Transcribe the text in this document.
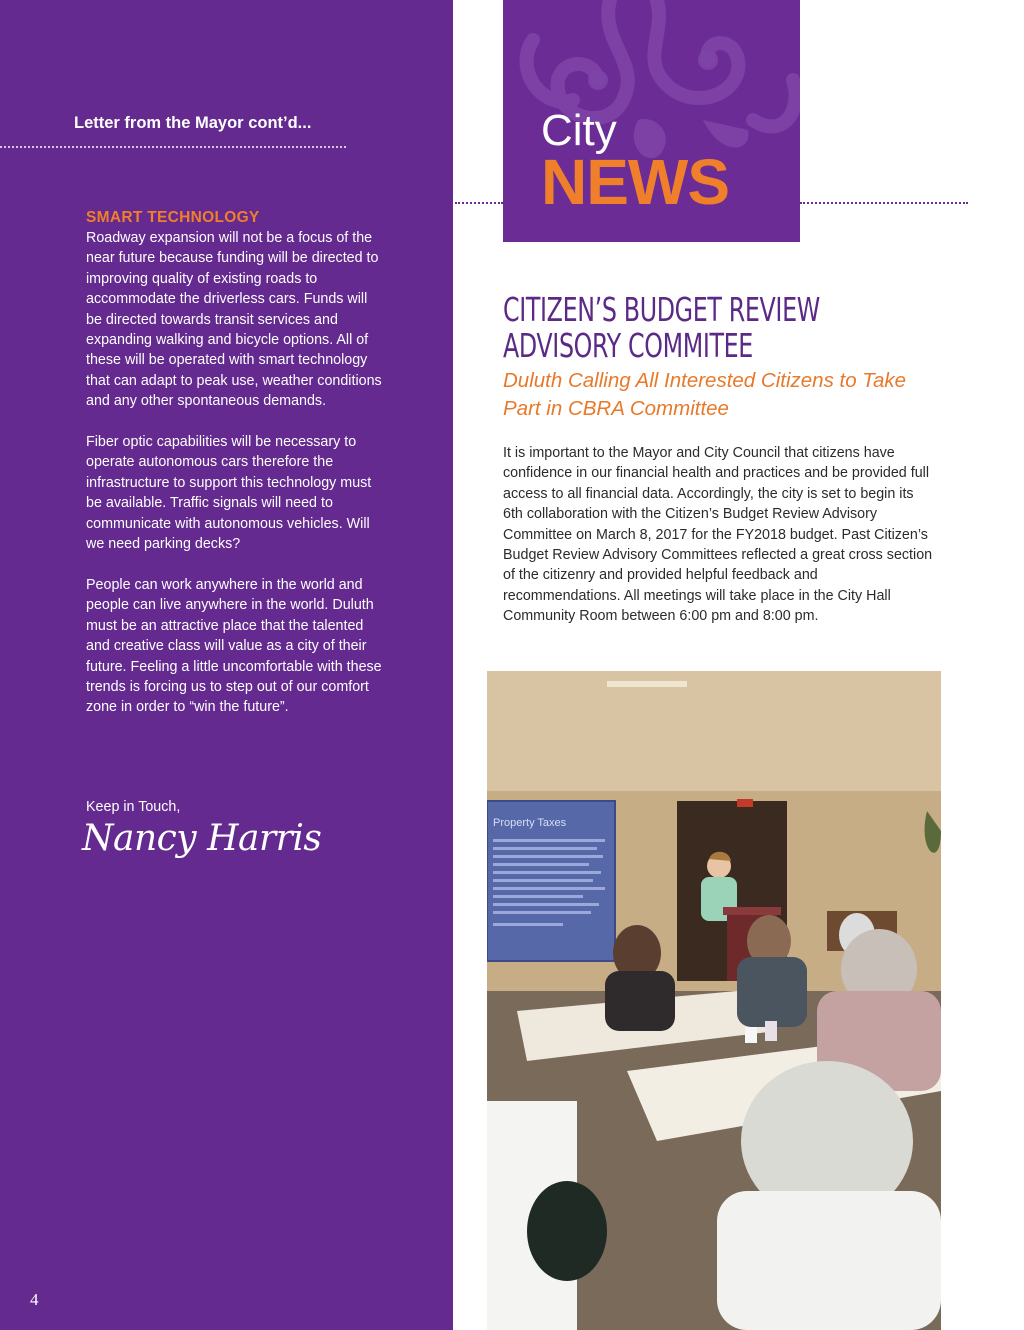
Letter from the Mayor cont’d...
SMART TECHNOLOGY

Roadway expansion will not be a focus of the near future because funding will be directed to improving quality of existing roads to accommodate the driverless cars. Funds will be directed towards transit services and expanding walking and bicycle options. All of these will be operated with smart technology that can adapt to peak use, weather conditions and any other spontaneous demands.

Fiber optic capabilities will be necessary to operate autonomous cars therefore the infrastructure to support this technology must be available. Traffic signals will need to communicate with autonomous vehicles. Will we need parking decks?

People can work anywhere in the world and people can live anywhere in the world. Duluth must be an attractive place that the talented and creative class will value as a city of their future. Feeling a little uncomfortable with these trends is forcing us to step out of our comfort zone in order to “win the future”.

Keep in Touch,
Nancy Harris
4
City
NEWS
CITIZEN’S BUDGET REVIEW
ADVISORY COMMITEE
Duluth Calling All Interested Citizens to Take Part in CBRA Committee

It is important to the Mayor and City Council that citizens have confidence in our financial health and practices and be provided full access to all financial data. Accordingly, the city is set to begin its 6th collaboration with the Citizen’s Budget Review Advisory Committee on March 8, 2017 for the FY2018 budget. Past Citizen’s Budget Review Advisory Committees reflected a great cross section of the citizenry and provided helpful feedback and recommendations. All meetings will take place in the City Hall Community Room between 6:00 pm and 8:00 pm.

Property Taxes
